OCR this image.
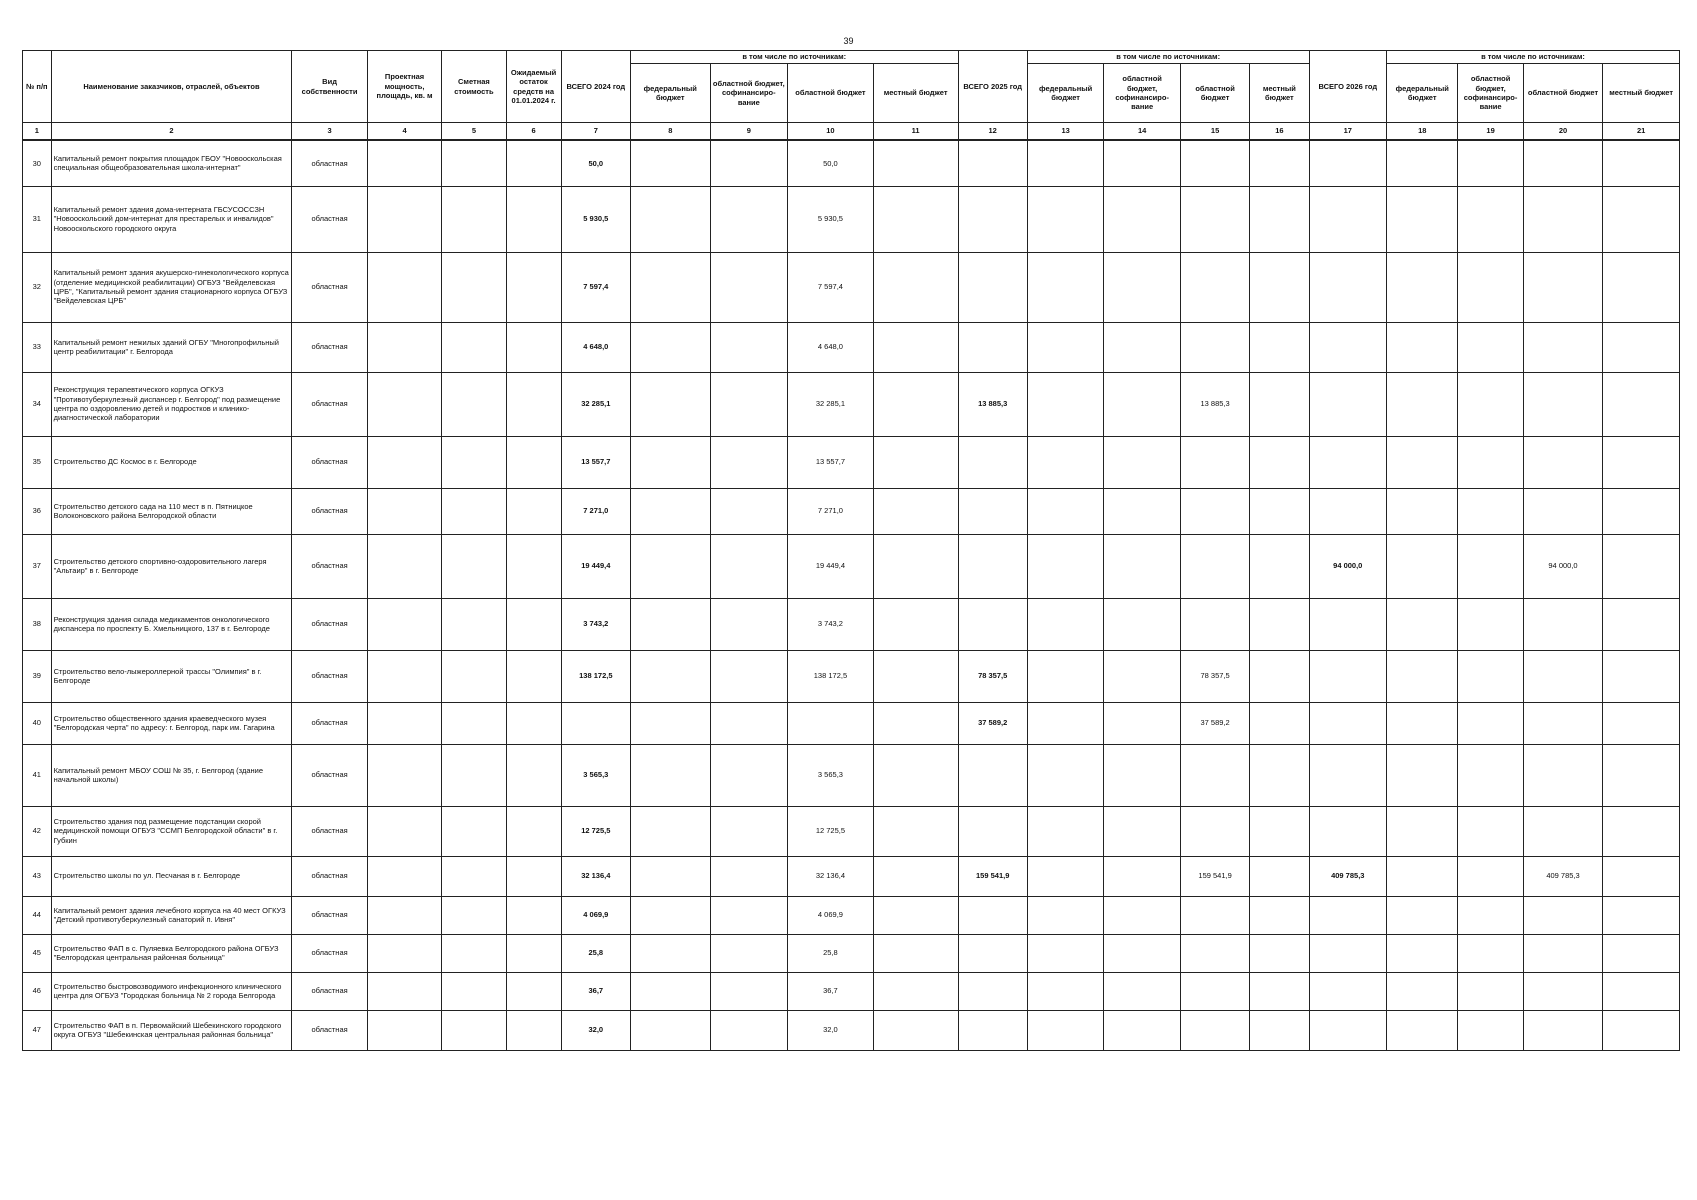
39
№ п/п	Наименование заказчиков, отраслей, объектов	Вид собственности	Проектная мощность, площадь, кв. м	Сметная стоимость	Ожидаемый остаток средств на 01.01.2024 г.	ВСЕГО 2024 год	в том числе по источникам:				ВСЕГО 2025 год	в том числе по источникам:				ВСЕГО 2026 год	в том числе по источникам:			
							федеральный бюджет	областной бюджет, софинансиро-вание	областной бюджет	местный бюджет		федеральный бюджет	областной бюджет, софинансиро-вание	областной бюджет	местный бюджет		федеральный бюджет	областной бюджет, софинансиро-вание	областной бюджет	местный бюджет
1	2	3	4	5	6	7	8	9	10	11	12	13	14	15	16	17	18	19	20	21
30	Капитальный ремонт покрытия площадок ГБОУ "Новооскольская специальная общеобразовательная школа-интернат"	областная				50,0			50,0											
31	Капитальный ремонт здания дома-интерната ГБСУСОССЗН "Новооскольский дом-интернат для престарелых и инвалидов" Новооскольского городского округа	областная				5 930,5			5 930,5											
32	Капитальный ремонт здания акушерско-гинекологического корпуса (отделение медицинской реабилитации) ОГБУЗ "Вейделевская ЦРБ", "Капитальный ремонт здания стационарного корпуса ОГБУЗ "Вейделевская ЦРБ"	областная				7 597,4			7 597,4											
33	Капитальный ремонт нежилых зданий ОГБУ "Многопрофильный центр реабилитации" г. Белгорода	областная				4 648,0			4 648,0											
34	Реконструкция терапевтического корпуса ОГКУЗ "Противотуберкулезный диспансер г. Белгород" под размещение центра по оздоровлению детей и подростков и клинико-диагностической лаборатории	областная				32 285,1			32 285,1		13 885,3			13 885,3						
35	Строительство ДС Космос в г. Белгороде	областная				13 557,7			13 557,7											
36	Строительство детского сада на 110 мест в п. Пятницкое Волоконовского района Белгородской области	областная				7 271,0			7 271,0											
37	Строительство детского спортивно-оздоровительного лагеря "Альтаир" в г. Белгороде	областная				19 449,4			19 449,4							94 000,0			94 000,0	
38	Реконструкция здания склада медикаментов онкологического диспансера по проспекту Б. Хмельницкого, 137 в г. Белгороде	областная				3 743,2			3 743,2											
39	Строительство вело-лыжероллерной трассы "Олимпия" в г. Белгороде	областная				138 172,5			138 172,5		78 357,5			78 357,5						
40	Строительство общественного здания краеведческого музея "Белгородская черта" по адресу: г. Белгород, парк им. Гагарина	областная									37 589,2			37 589,2						
41	Капитальный ремонт МБОУ СОШ № 35, г. Белгород (здание начальной школы)	областная				3 565,3			3 565,3											
42	Строительство здания под размещение подстанции скорой медицинской помощи ОГБУЗ "ССМП Белгородской области" в г. Губкин	областная				12 725,5			12 725,5											
43	Строительство школы по ул. Песчаная в г. Белгороде	областная				32 136,4			32 136,4		159 541,9			159 541,9		409 785,3			409 785,3	
44	Капитальный ремонт здания лечебного корпуса на 40 мест ОГКУЗ "Детский противотуберкулезный санаторий п. Ивня"	областная				4 069,9			4 069,9											
45	Строительство ФАП в с. Пуляевка Белгородского района ОГБУЗ "Белгородская центральная районная больница"	областная				25,8			25,8											
46	Строительство быстровозводимого инфекционного клинического центра для ОГБУЗ "Городская больница № 2 города Белгорода	областная				36,7			36,7											
47	Строительство ФАП в п. Первомайский Шебекинского городского округа ОГБУЗ "Шебекинская центральная районная больница"	областная				32,0			32,0											
